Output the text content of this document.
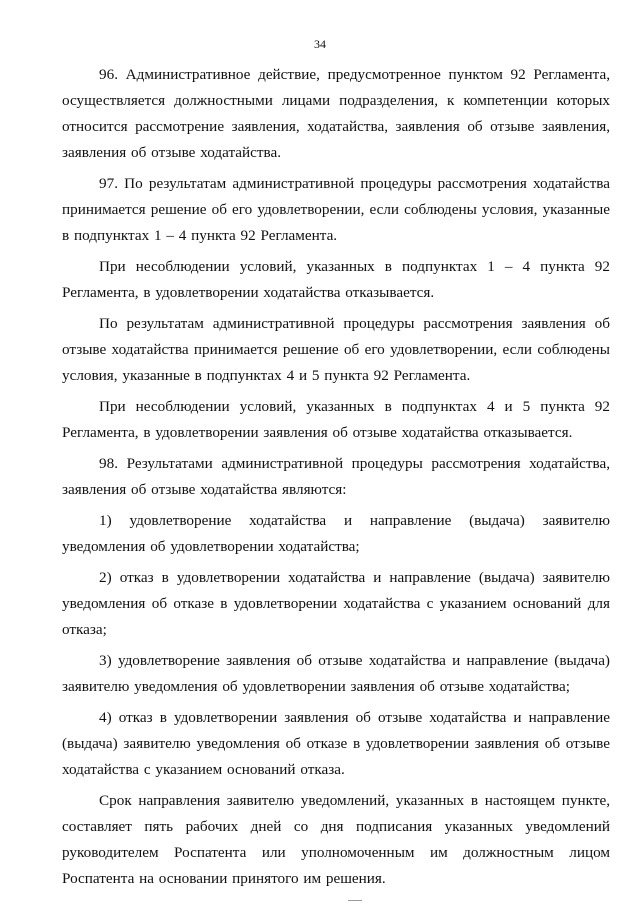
34

96. Административное действие, предусмотренное пунктом 92 Регламента, осуществляется должностными лицами подразделения, к компетенции которых относится рассмотрение заявления, ходатайства, заявления об отзыве заявления, заявления об отзыве ходатайства.

97. По результатам административной процедуры рассмотрения ходатайства принимается решение об его удовлетворении, если соблюдены условия, указанные в подпунктах 1 – 4 пункта 92 Регламента.

При несоблюдении условий, указанных в подпунктах 1 – 4 пункта 92 Регламента, в удовлетворении ходатайства отказывается.

По результатам административной процедуры рассмотрения заявления об отзыве ходатайства принимается решение об его удовлетворении, если соблюдены условия, указанные в подпунктах 4 и 5 пункта 92 Регламента.

При несоблюдении условий, указанных в подпунктах 4 и 5 пункта 92 Регламента, в удовлетворении заявления об отзыве ходатайства отказывается.

98. Результатами административной процедуры рассмотрения ходатайства, заявления об отзыве ходатайства являются:

1) удовлетворение ходатайства и направление (выдача) заявителю уведомления об удовлетворении ходатайства;

2) отказ в удовлетворении ходатайства и направление (выдача) заявителю уведомления об отказе в удовлетворении ходатайства с указанием оснований для отказа;

3) удовлетворение заявления об отзыве ходатайства и направление (выдача) заявителю уведомления об удовлетворении заявления об отзыве ходатайства;

4) отказ в удовлетворении заявления об отзыве ходатайства и направление (выдача) заявителю уведомления об отказе в удовлетворении заявления об отзыве ходатайства с указанием оснований отказа.

Срок направления заявителю уведомлений, указанных в настоящем пункте, составляет пять рабочих дней со дня подписания указанных уведомлений руководителем Роспатента или уполномоченным им должностным лицом Роспатента на основании принятого им решения.
